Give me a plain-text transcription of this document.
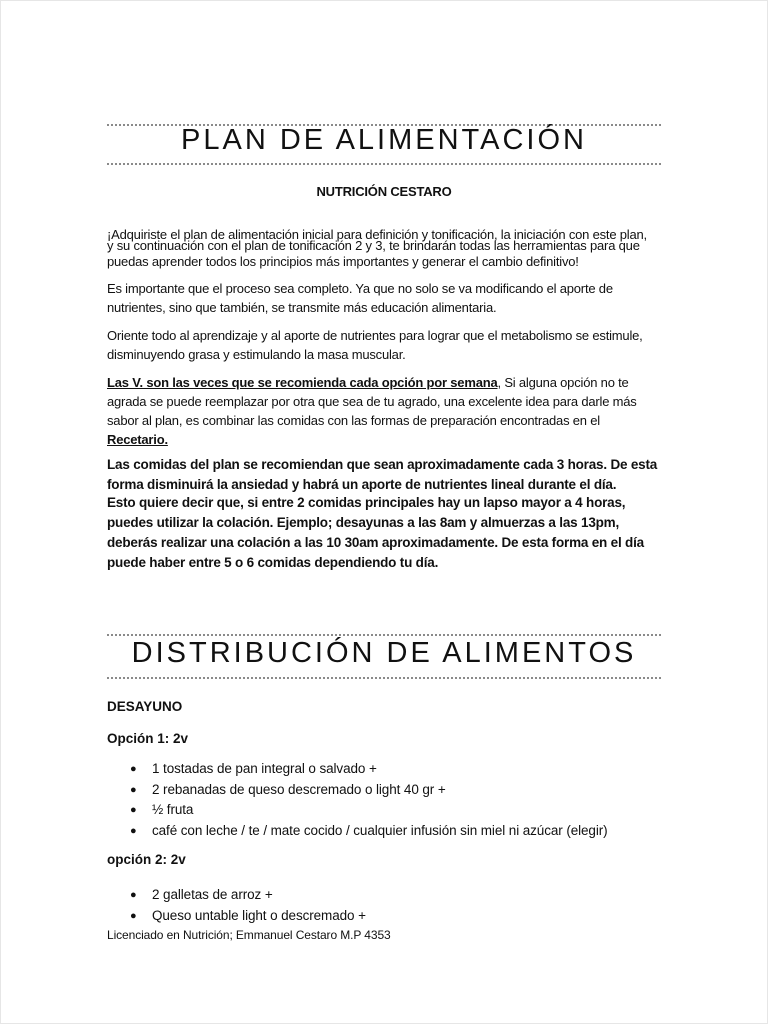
PLAN DE ALIMENTACIÓN
NUTRICIÓN CESTARO
¡Adquiriste el plan de alimentación inicial para definición y tonificación, la iniciación con este plan,
y su continuación con el plan de tonificación 2 y 3, te brindarán todas las herramientas para que
puedas aprender todos los principios más importantes y generar el cambio definitivo!
Es importante que el proceso sea completo. Ya que no solo se va modificando el aporte de nutrientes, sino que también, se transmite más educación alimentaria.
Oriente todo al aprendizaje y al aporte de nutrientes para lograr que el metabolismo se estimule, disminuyendo grasa y estimulando la masa muscular.
Las V. son las veces que se recomienda cada opción por semana, Si alguna opción no te agrada se puede reemplazar por otra que sea de tu agrado, una excelente idea para darle más sabor al plan, es combinar las comidas con las formas de preparación encontradas en el Recetario.
Las comidas del plan se recomiendan que sean aproximadamente cada 3 horas. De esta
forma disminuirá la ansiedad y habrá un aporte de nutrientes lineal durante el día.
Esto quiere decir que, si entre 2 comidas principales hay un lapso mayor a 4 horas, puedes utilizar la colación. Ejemplo; desayunas a las 8am y almuerzas a las 13pm, deberás realizar una colación a las 10 30am aproximadamente. De esta forma en el día puede haber entre 5 o 6 comidas dependiendo tu día.
DISTRIBUCIÓN DE ALIMENTOS
DESAYUNO
Opción 1: 2v
● 1 tostadas de pan integral o salvado +
● 2 rebanadas de queso descremado o light 40 gr +
● ½ fruta
● café con leche / te / mate cocido / cualquier infusión sin miel ni azúcar (elegir)
opción 2: 2v
● 2 galletas de arroz +
● Queso untable light o descremado +
Licenciado en Nutrición; Emmanuel Cestaro M.P 4353
